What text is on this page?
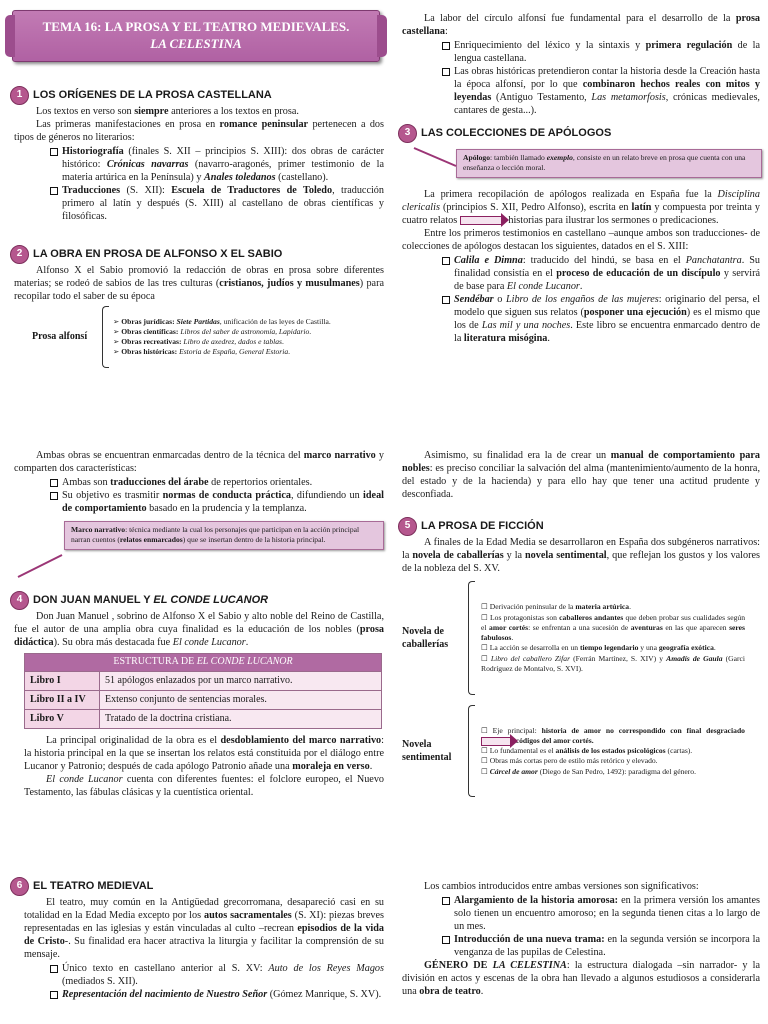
TEMA 16: LA PROSA Y EL TEATRO MEDIEVALES.
LA CELESTINA
1 LOS ORÍGENES DE LA PROSA CASTELLANA

Los textos en verso son siempre anteriores a los textos en prosa.

Las primeras manifestaciones en prosa en romance peninsular pertenecen a dos tipos de géneros no literarios:

Historiografía (finales S. XII – principios S. XIII): dos obras de carácter histórico: Crónicas navarras (navarro-aragonés, primer testimonio de la materia artúrica en la Península) y Anales toledanos (castellano).
Traducciones (S. XII): Escuela de Traductores de Toledo, traducción primero al latín y después (S. XIII) al castellano de obras científicas y filosóficas.
2 LA OBRA EN PROSA DE ALFONSO X EL SABIO

Alfonso X el Sabio promovió la redacción de obras en prosa sobre diferentes materias; se rodeó de sabios de las tres culturas (cristianos, judíos y musulmanes) para recopilar todo el saber de su época

Prosa alfonsí
➢ Obras jurídicas: Siete Partidas, unificación de las leyes de Castilla.
➢ Obras científicas: Libros del saber de astronomía, Lapidario.
➢ Obras recreativas: Libro de axedrez, dados e tablas.
➢ Obras históricas: Estoria de España, General Estoria.

Ambas obras se encuentran enmarcadas dentro de la técnica del marco narrativo y comparten dos características:

Ambas son traducciones del árabe de repertorios orientales.
Su objetivo es trasmitir normas de conducta práctica, difundiendo un ideal de comportamiento basado en la prudencia y la templanza.
Marco narrativo: técnica mediante la cual los personajes que participan en la acción principal narran cuentos (relatos enmarcados) que se insertan dentro de la historia principal.
4 DON JUAN MANUEL Y EL CONDE LUCANOR

Don Juan Manuel , sobrino de Alfonso X el Sabio y alto noble del Reino de Castilla, fue el autor de una amplia obra cuya finalidad es la educación de los nobles (prosa didáctica). Su obra más destacada fue El conde Lucanor.

ESTRUCTURA DE EL CONDE LUCANOR	
Libro I	51 apólogos enlazados por un marco narrativo.
Libro II a IV	Extenso conjunto de sentencias morales.
Libro V	Tratado de la doctrina cristiana.

La principal originalidad de la obra es el desdoblamiento del marco narrativo: la historia principal en la que se insertan los relatos está constituida por el diálogo entre Lucanor y Patronio; después de cada apólogo Patronio añade una moraleja en verso.

El conde Lucanor cuenta con diferentes fuentes: el folclore europeo, el Nuevo Testamento, las fábulas clásicas y la cuentística oriental.

6 EL TEATRO MEDIEVAL

El teatro, muy común en la Antigüedad grecorromana, desapareció casi en su totalidad en la Edad Media excepto por los autos sacramentales (S. XI): piezas breves representadas en las iglesias y están vinculadas al culto –recrean episodios de la vida de Cristo-. Su finalidad era hacer atractiva la liturgia y facilitar la comprensión de su mensaje.

Único texto en castellano anterior al S. XV: Auto de los Reyes Magos (mediados S. XII).
Representación del nacimiento de Nuestro Señor (Gómez Manrique, S. XV).

La labor del círculo alfonsí fue fundamental para el desarrollo de la prosa castellana:

Enriquecimiento del léxico y la sintaxis y primera regulación de la lengua castellana.
Las obras históricas pretendieron contar la historia desde la Creación hasta la época alfonsí, por lo que combinaron hechos reales con mitos y leyendas (Antiguo Testamento, Las metamorfosis, crónicas medievales, cantares de gesta...).
3 LAS COLECCIONES DE APÓLOGOS
Apólogo: también llamado exemplo, consiste en un relato breve en prosa que cuenta con una enseñanza o lección moral.

La primera recopilación de apólogos realizada en España fue la Disciplina clericalis (principios S. XII, Pedro Alfonso), escrita en latín y compuesta por treinta y cuatro relatos	historias para ilustrar los sermones o predicaciones.

Entre los primeros testimonios en castellano –aunque ambos son traducciones- de colecciones de apólogos destacan los siguientes, datados en el S. XIII:

Calila e Dimna: traducido del hindú, se basa en el Panchatantra. Su finalidad consistía en el proceso de educación de un discípulo y servirá de base para El conde Lucanor.
Sendébar o Libro de los engaños de las mujeres: originario del persa, el modelo que siguen sus relatos (posponer una ejecución) es el mismo que los de Las mil y una noches. Este libro se encuentra enmarcado dentro de la literatura misógina.

Asimismo, su finalidad era la de crear un manual de comportamiento para nobles: es preciso conciliar la salvación del alma (mantenimiento/aumento de la honra, del estado y de la hacienda) y para ello hay que tener una actitud prudente y desconfiada.

5 LA PROSA DE FICCIÓN

A finales de la Edad Media se desarrollaron en España dos subgéneros narrativos: la novela de caballerías y la novela sentimental, que reflejan los gustos y los valores de la nobleza del S. XV.

Novela de caballerías
☐ Derivación peninsular de la materia artúrica.
☐ Los protagonistas son caballeros andantes que deben probar sus cualidades según el amor cortés: se enfrentan a una sucesión de aventuras en las que aparecen seres fabulosos.
☐ La acción se desarrolla en un tiempo legendario y una geografía exótica.
☐ Libro del caballero Zifar (Ferrán Martínez, S. XIV) y Amadís de Gaula (Garci Rodríguez de Montalvo, S. XVI).
Novela sentimental
☐ Eje principal: historia de amor no correspondido con final desgraciado    códigos del amor cortés.
☐ Lo fundamental es el análisis de los estados psicológicos (cartas).
☐ Obras más cortas pero de estilo más retórico y elevado.
☐ Cárcel de amor (Diego de San Pedro, 1492): paradigma del género.

Los cambios introducidos entre ambas versiones son significativos:

Alargamiento de la historia amorosa: en la primera versión los amantes solo tienen un encuentro amoroso; en la segunda tienen citas a lo largo de un mes.
Introducción de una nueva trama: en la segunda versión se incorpora la venganza de las pupilas de Celestina.

GÉNERO DE LA CELESTINA: la estructura dialogada –sin narrador- y la división en actos y escenas de la obra han llevado a algunos estudiosos a considerarla una obra de teatro.
